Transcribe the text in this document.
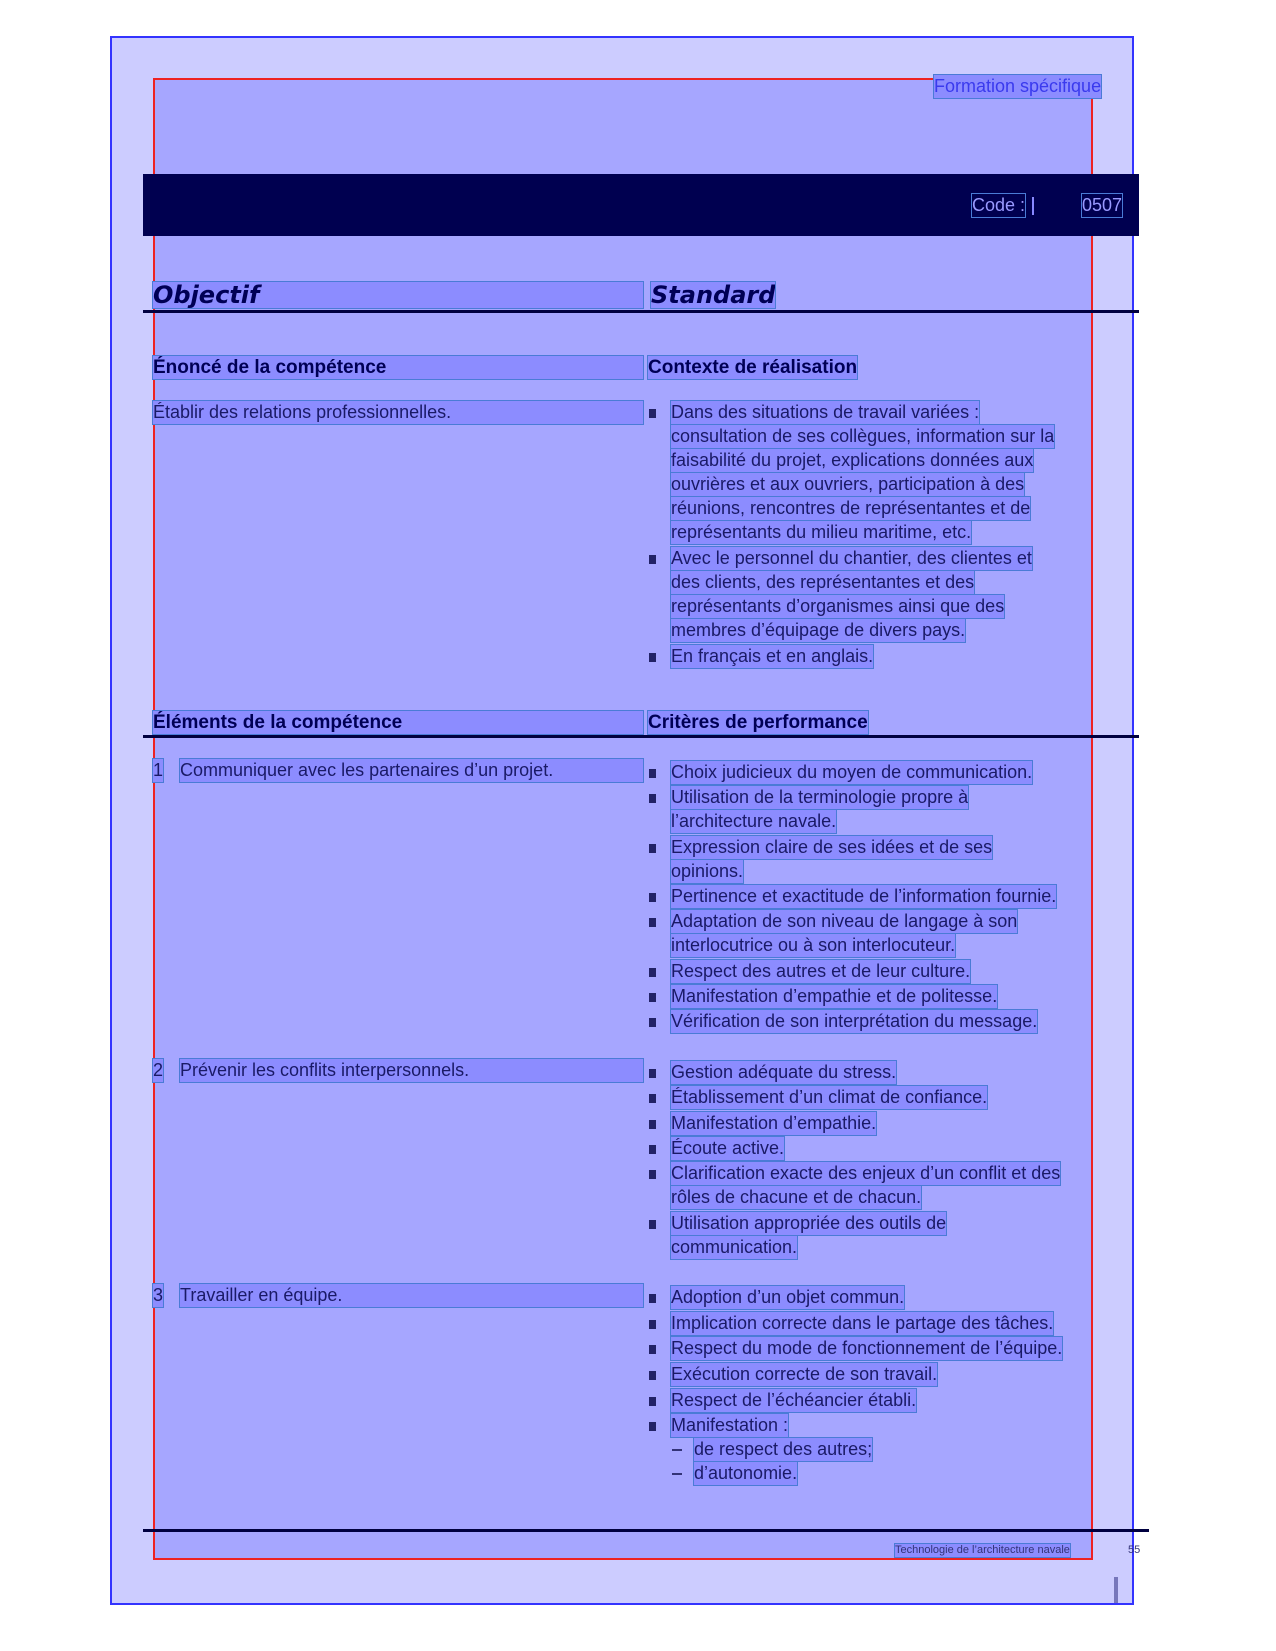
Formation spécifique
Code :	0507
Objectif	Standard
Énoncé de la compétence	Contexte de réalisation
Établir des relations professionnelles.	Dans des situations de travail variées :
consultation de ses collègues, information sur la
faisabilité du projet, explications données aux
ouvrières et aux ouvriers, participation à des
réunions, rencontres de représentantes et de
représentants du milieu maritime, etc.
Avec le personnel du chantier, des clientes et
des clients, des représentantes et des
représentants d’organismes ainsi que des
membres d’équipage de divers pays.
En français et en anglais.
Éléments de la compétence	Critères de performance
1 Communiquer avec les partenaires d’un projet.	Choix judicieux du moyen de communication.
Utilisation de la terminologie propre à
l’architecture navale.
Expression claire de ses idées et de ses
opinions.
Pertinence et exactitude de l’information fournie.
Adaptation de son niveau de langage à son
interlocutrice ou à son interlocuteur.
Respect des autres et de leur culture.
Manifestation d’empathie et de politesse.
Vérification de son interprétation du message.
2 Prévenir les conflits interpersonnels.	Gestion adéquate du stress.
Établissement d’un climat de confiance.
Manifestation d’empathie.
Écoute active.
Clarification exacte des enjeux d’un conflit et des
rôles de chacune et de chacun.
Utilisation appropriée des outils de
communication.
3 Travailler en équipe.	Adoption d’un objet commun.
Implication correcte dans le partage des tâches.
Respect du mode de fonctionnement de l’équipe.
Exécution correcte de son travail.
Respect de l’échéancier établi.
Manifestation :
de respect des autres;
d’autonomie.
Technologie de l’architecture navale	55
